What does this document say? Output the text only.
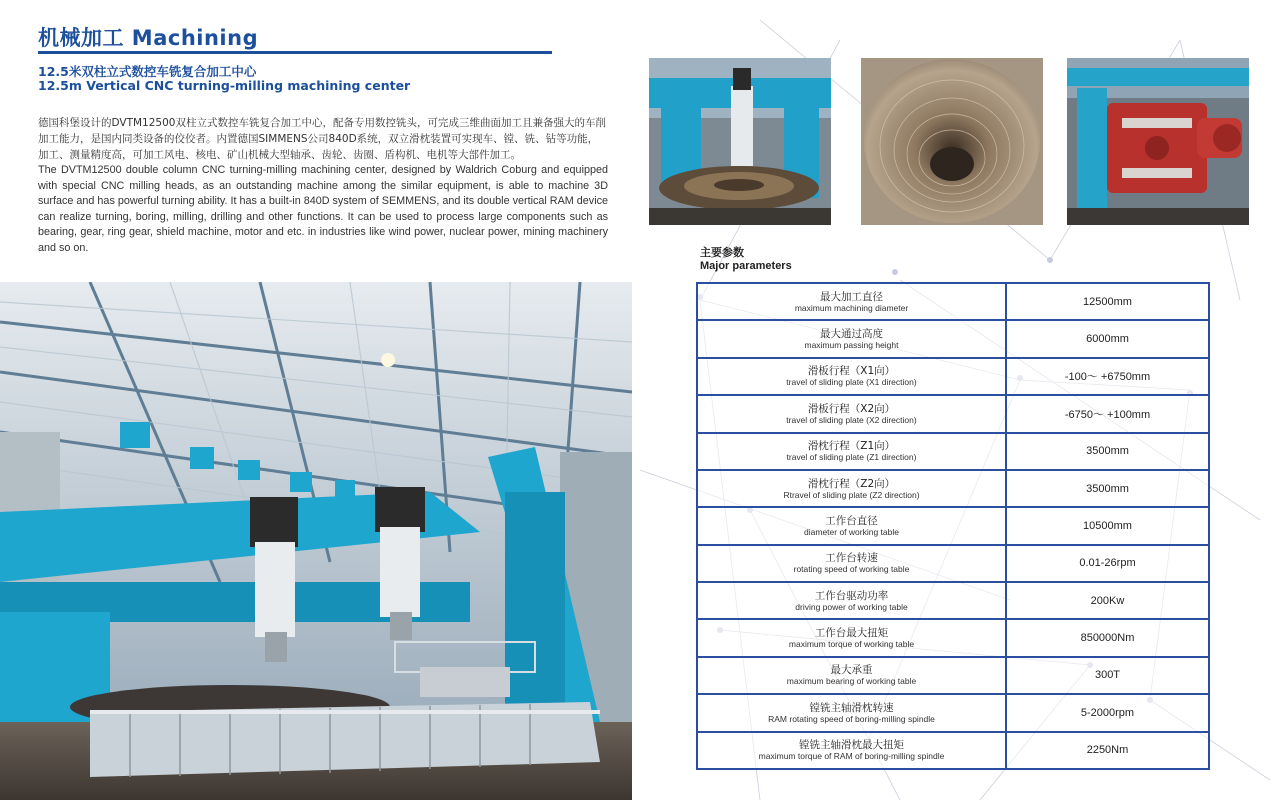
机械加工 Machining
12.5米双柱立式数控车铣复合加工中心
12.5m Vertical CNC turning-milling machining center
德国科堡设计的DVTM12500双柱立式数控车铣复合加工中心，配备专用数控铣头，可完成三维曲面加工且兼备强大的车削加工能力，是国内同类设备的佼佼者。内置德国SIMMENS公司840D系统，双立滑枕装置可实现车、镗、铣、钻等功能，加工、测量精度高，可加工风电、核电、矿山机械大型轴承、齿轮、齿圈、盾构机、电机等大部件加工。
The DVTM12500 double column CNC turning-milling machining center, designed by Waldrich Coburg and equipped with special CNC milling heads, as an outstanding machine among the similar equipment, is able to machine 3D surface and has powerful turning ability. It has a built-in 840D system of SEMMENS, and its double vertical RAM device can realize turning, boring, milling, drilling and other functions. It can be used to process large components such as bearing, gear, ring gear, shield machine, motor and etc. in industries like wind power, nuclear power, mining machinery and so on.	主要参数
Major parameters
最大加工直径
maximum machining diameter	12500mm

最大通过高度
maximum passing height	6000mm

滑板行程（X1向）
travel of sliding plate (X1 direction)	-100～ +6750mm

滑板行程（X2向）
travel of sliding plate (X2 direction)	-6750～ +100mm

滑枕行程（Z1向）
travel of sliding plate (Z1 direction)	3500mm

滑枕行程（Z2向）
Rtravel of sliding plate (Z2 direction)	3500mm

工作台直径
diameter of working table	10500mm

工作台转速
rotating speed of working table	0.01-26rpm

工作台驱动功率
driving power of working table	200Kw

工作台最大扭矩
maximum torque of working table	850000Nm

最大承重
maximum bearing of working table	300T

镗铣主轴滑枕转速
RAM rotating speed of boring-milling spindle	5-2000rpm

镗铣主轴滑枕最大扭矩
maximum torque of RAM of boring-milling spindle	2250Nm
